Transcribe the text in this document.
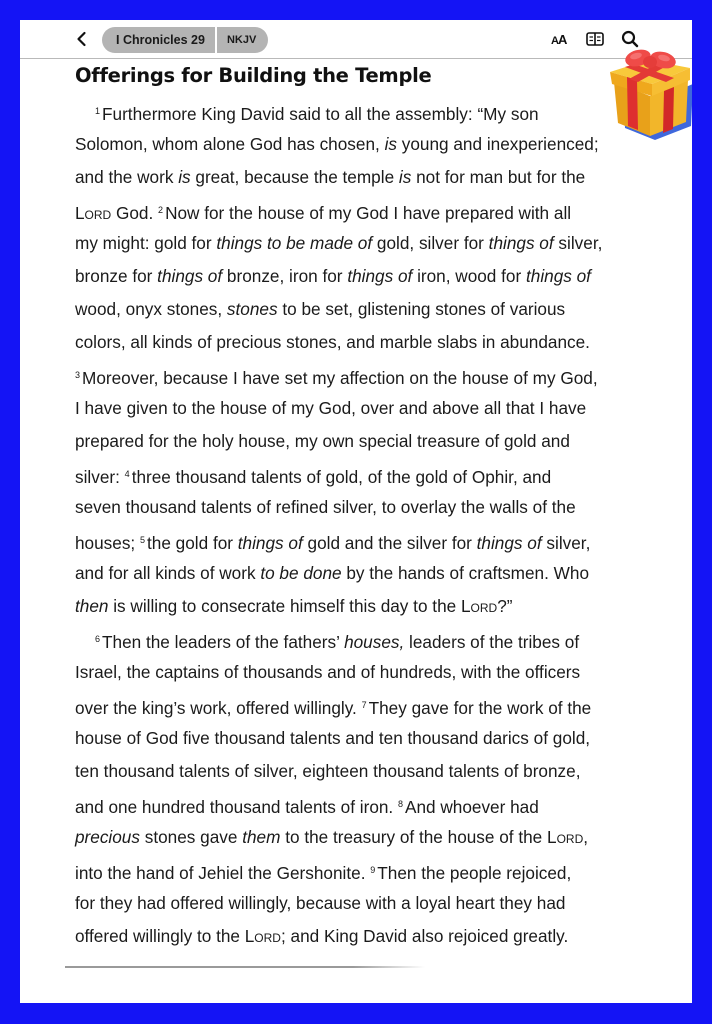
I Chronicles 29	NKJV	AA
Offerings for Building the Temple
$^1$ Furthermore King David said to all the assembly: “My son
Solomon, whom alone God has chosen, is young and inexperienced;
and the work is great, because the temple is not for man but for the
Lord God. $^2$ Now for the house of my God I have prepared with all
my might: gold for things to be made of gold, silver for things of silver,
bronze for things of bronze, iron for things of iron, wood for things of
wood, onyx stones, stones to be set, glistening stones of various
colors, all kinds of precious stones, and marble slabs in abundance.
$^3$ Moreover, because I have set my affection on the house of my God,
I have given to the house of my God, over and above all that I have
prepared for the holy house, my own special treasure of gold and
silver: $^4$ three thousand talents of gold, of the gold of Ophir, and
seven thousand talents of refined silver, to overlay the walls of the
houses; $^5$ the gold for things of gold and the silver for things of silver,
and for all kinds of work to be done by the hands of craftsmen. Who
then is willing to consecrate himself this day to the Lord?”
$^6$ Then the leaders of the fathers’ houses, leaders of the tribes of
Israel, the captains of thousands and of hundreds, with the officers
over the king’s work, offered willingly. $^7$ They gave for the work of the
house of God five thousand talents and ten thousand darics of gold,
ten thousand talents of silver, eighteen thousand talents of bronze,
and one hundred thousand talents of iron. $^8$ And whoever had
precious stones gave them to the treasury of the house of the Lord,
into the hand of Jehiel the Gershonite. $^9$ Then the people rejoiced,
for they had offered willingly, because with a loyal heart they had
offered willingly to the Lord; and King David also rejoiced greatly.
